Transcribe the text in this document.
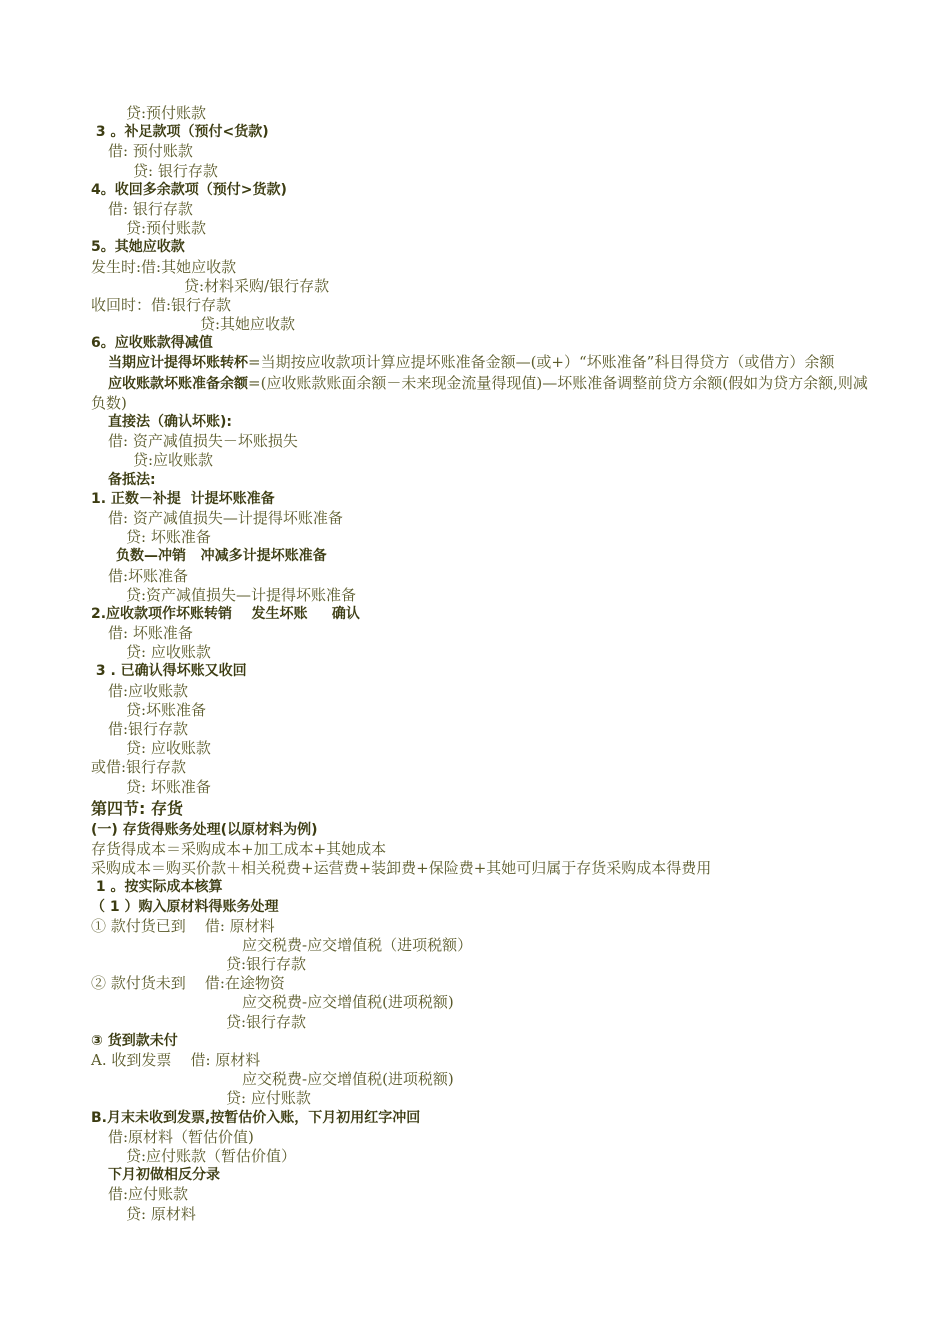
贷:预付账款
3 。补足款项（预付<货款)
借: 预付账款
贷: 银行存款
4。收回多余款项（预付>货款)
借: 银行存款
贷:预付账款
5。其她应收款
发生时:借:其她应收款
贷:材料采购/银行存款
收回时：借:银行存款
贷:其她应收款
6。应收账款得减值
当期应计提得坏账转杯=当期按应收款项计算应提坏账准备金额—(或+）“坏账准备”科目得贷方（或借方）余额
应收账款坏账准备余额=(应收账款账面余额－未来现金流量得现值)—坏账准备调整前贷方余额(假如为贷方余额,则减负数)
直接法（确认坏账):
借: 资产减值损失－坏账损失
贷:应收账款
备抵法:
1. 正数－补提  计提坏账准备
借: 资产减值损失—计提得坏账准备
贷: 坏账准备
负数—冲销   冲减多计提坏账准备
借:坏账准备
贷:资产减值损失—计提得坏账准备
2.应收款项作坏账转销    发生坏账     确认
借: 坏账准备
贷: 应收账款
3 . 已确认得坏账又收回
借:应收账款
贷:坏账准备
借:银行存款
贷: 应收账款
或借:银行存款
贷: 坏账准备
第四节: 存货
(一) 存货得账务处理(以原材料为例)
存货得成本＝采购成本+加工成本+其她成本
采购成本＝购买价款＋相关税费+运营费+装卸费+保险费+其她可归属于存货采购成本得费用
1 。按实际成本核算
（ 1 ）购入原材料得账务处理
① 款付货已到    借: 原材料
应交税费-应交增值税（进项税额）
贷:银行存款
② 款付货未到    借:在途物资
应交税费-应交增值税(进项税额)
贷:银行存款
③ 货到款未付
A. 收到发票    借: 原材料
应交税费-应交增值税(进项税额)
贷: 应付账款
B.月末未收到发票,按暂估价入账，下月初用红字冲回
借:原材料（暂估价值)
贷:应付账款（暂估价值）
下月初做相反分录
借:应付账款
贷: 原材料
